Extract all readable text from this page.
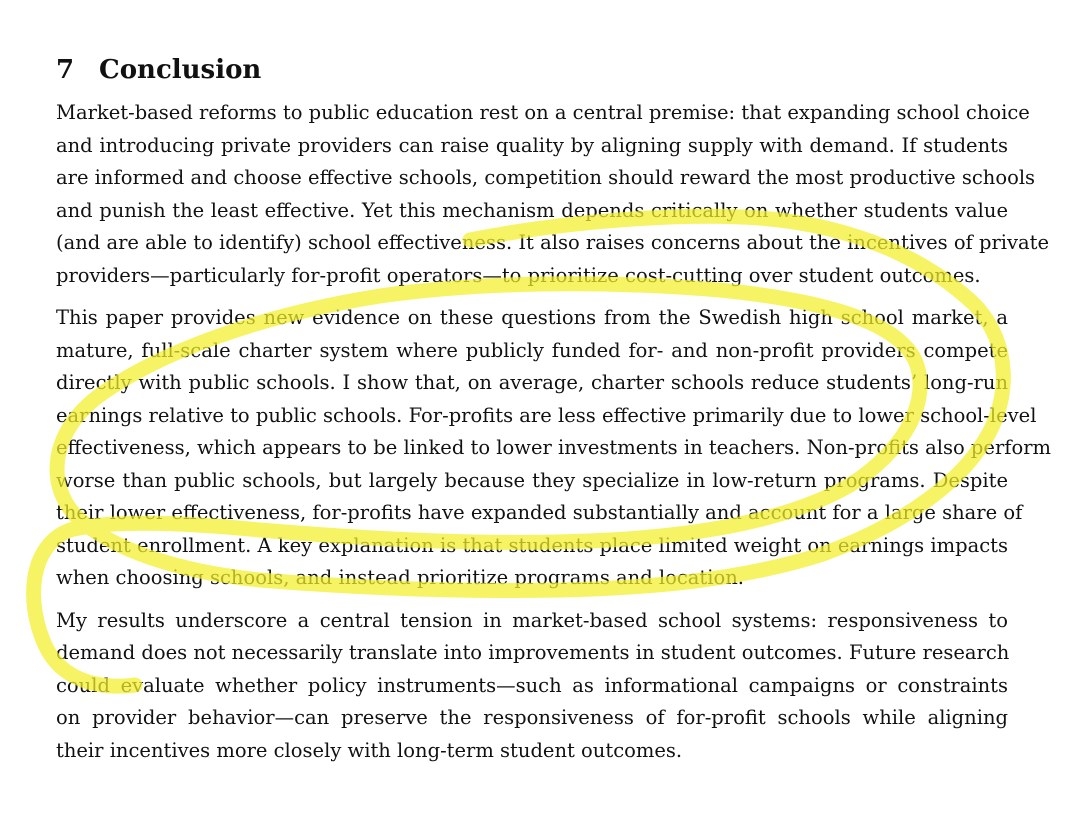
7 Conclusion

Market-based reforms to public education rest on a central premise: that expanding school choice
and introducing private providers can raise quality by aligning supply with demand. If students
are informed and choose effective schools, competition should reward the most productive schools
and punish the least effective. Yet this mechanism depends critically on whether students value
(and are able to identify) school effectiveness. It also raises concerns about the incentives of private
providers—particularly for-profit operators—to prioritize cost-cutting over student outcomes.

This paper provides new evidence on these questions from the Swedish high school market, a
mature, full-scale charter system where publicly funded for- and non-profit providers compete
directly with public schools. I show that, on average, charter schools reduce students’ long-run
earnings relative to public schools. For-profits are less effective primarily due to lower school-level
effectiveness, which appears to be linked to lower investments in teachers. Non-profits also perform
worse than public schools, but largely because they specialize in low-return programs. Despite
their lower effectiveness, for-profits have expanded substantially and account for a large share of
student enrollment. A key explanation is that students place limited weight on earnings impacts
when choosing schools, and instead prioritize programs and location.

My results underscore a central tension in market-based school systems: responsiveness to
demand does not necessarily translate into improvements in student outcomes. Future research
could evaluate whether policy instruments—such as informational campaigns or constraints
on provider behavior—can preserve the responsiveness of for-profit schools while aligning
their incentives more closely with long-term student outcomes.
